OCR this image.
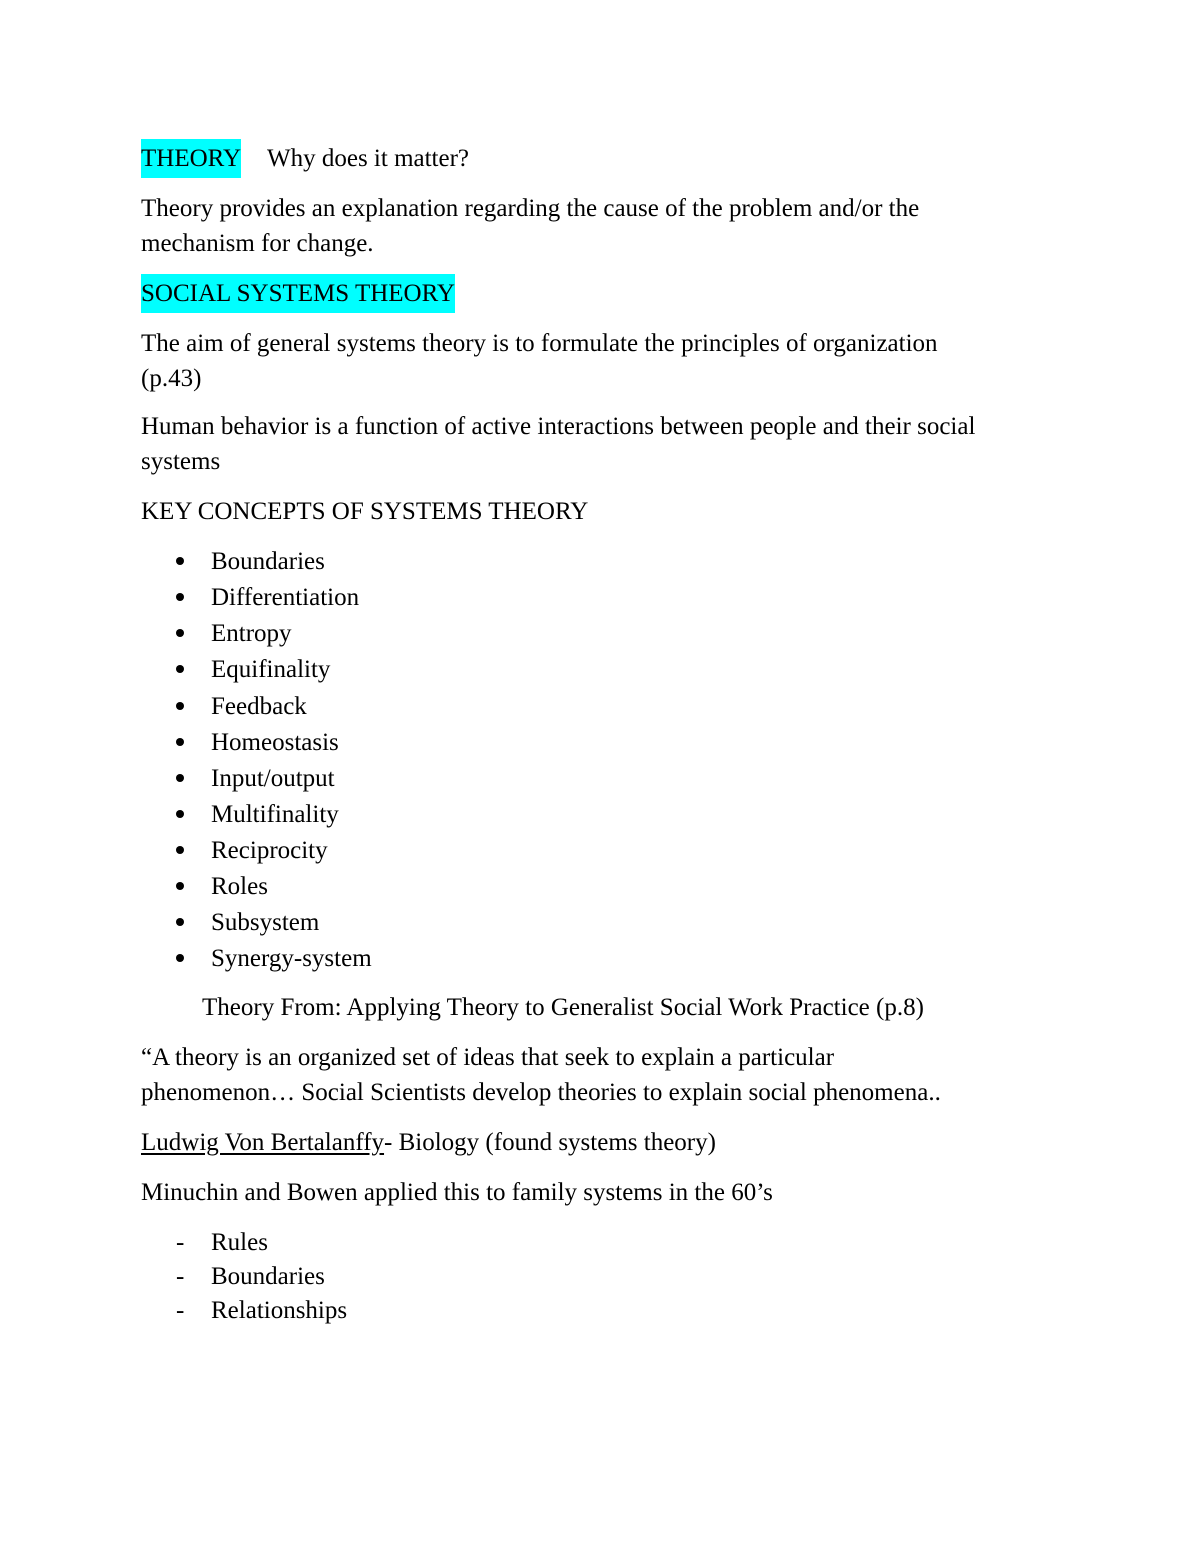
THEORY Why does it matter?
Theory provides an explanation regarding the cause of the problem and/or the
mechanism for change.
SOCIAL SYSTEMS THEORY
The aim of general systems theory is to formulate the principles of organization
(p.43)
Human behavior is a function of active interactions between people and their social
systems
KEY CONCEPTS OF SYSTEMS THEORY
Boundaries
Differentiation
Entropy
Equifinality
Feedback
Homeostasis
Input/output
Multifinality
Reciprocity
Roles
Subsystem
Synergy-system
Theory From: Applying Theory to Generalist Social Work Practice (p.8)
“A theory is an organized set of ideas that seek to explain a particular
phenomenon… Social Scientists develop theories to explain social phenomena..
Ludwig Von Bertalanffy- Biology (found systems theory)
Minuchin and Bowen applied this to family systems in the 60’s
- Rules
- Boundaries
- Relationships
